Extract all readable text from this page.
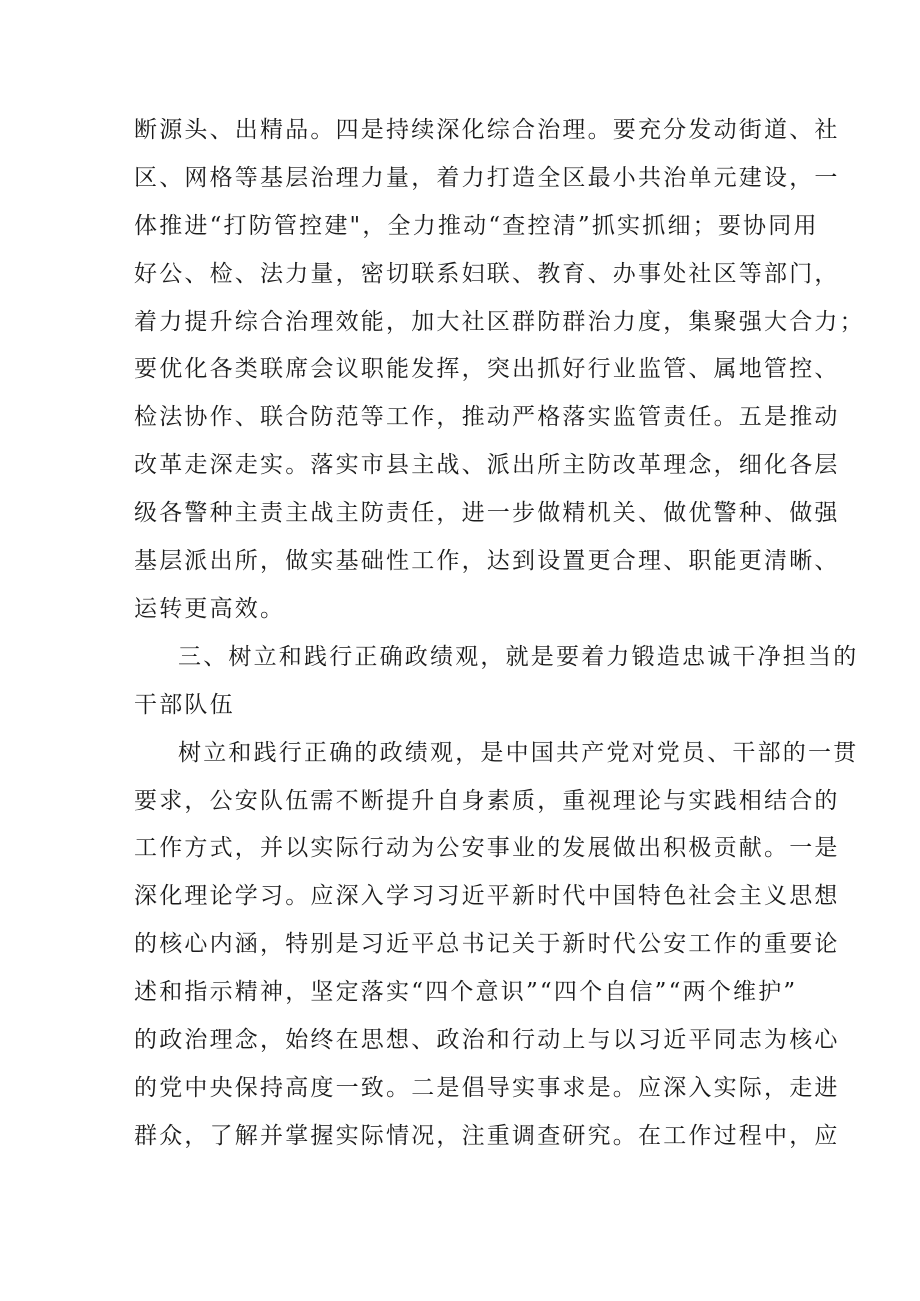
断源头、出精品。四是持续深化综合治理。要充分发动街道、社
区、网格等基层治理力量，着力打造全区最小共治单元建设，一
体推进“打防管控建"，全力推动“查控清”抓实抓细；要协同用
好公、检、法力量，密切联系妇联、教育、办事处社区等部门，
着力提升综合治理效能，加大社区群防群治力度，集聚强大合力；
要优化各类联席会议职能发挥，突出抓好行业监管、属地管控、
检法协作、联合防范等工作，推动严格落实监管责任。五是推动
改革走深走实。落实市县主战、派出所主防改革理念，细化各层
级各警种主责主战主防责任，进一步做精机关、做优警种、做强
基层派出所，做实基础性工作，达到设置更合理、职能更清晰、
运转更高效。
三、树立和践行正确政绩观，就是要着力锻造忠诚干净担当的
干部队伍
树立和践行正确的政绩观，是中国共产党对党员、干部的一贯
要求，公安队伍需不断提升自身素质，重视理论与实践相结合的
工作方式，并以实际行动为公安事业的发展做出积极贡献。一是
深化理论学习。应深入学习习近平新时代中国特色社会主义思想
的核心内涵，特别是习近平总书记关于新时代公安工作的重要论
述和指示精神，坚定落实“四个意识”“四个自信”“两个维护”
的政治理念，始终在思想、政治和行动上与以习近平同志为核心
的党中央保持高度一致。二是倡导实事求是。应深入实际，走进
群众，了解并掌握实际情况，注重调查研究。在工作过程中，应
